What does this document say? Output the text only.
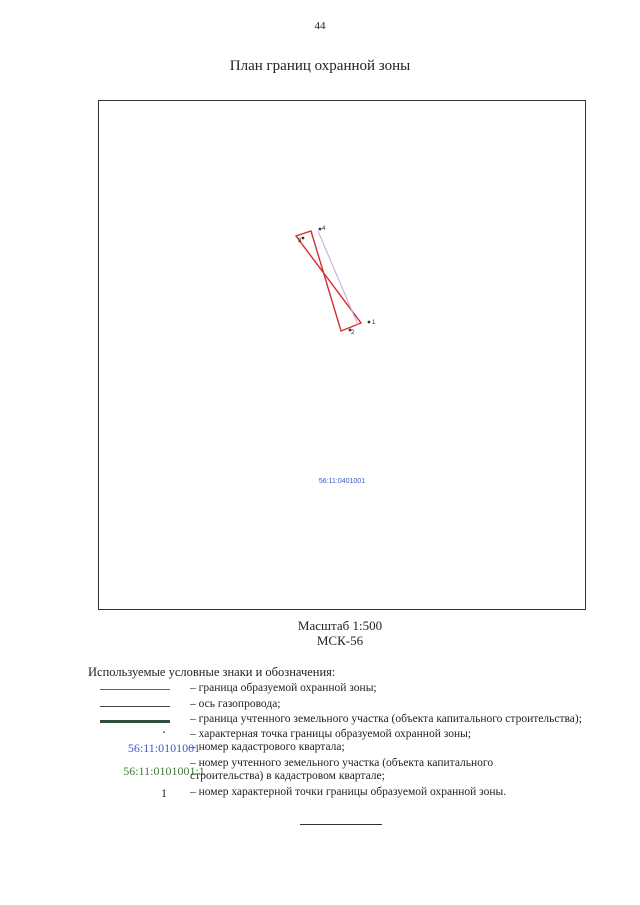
44
План границ охранной зоны
1
2
3
4
56:11:0401001
Масштаб 1:500
МСК-56
Используемые условные знаки и обозначения:
– граница образуемой охранной зоны;
– ось газопровода;
– граница учтенного земельного участка (объекта капитального строительства);
.	– характерная точка границы образуемой охранной зоны;
56:11:0101001
– номер кадастрового квартала;
56:11:0101001:1
– номер учтенного земельного участка (объекта капитального строительства) в кадастровом квартале;
1	– номер характерной точки границы образуемой охранной зоны.
